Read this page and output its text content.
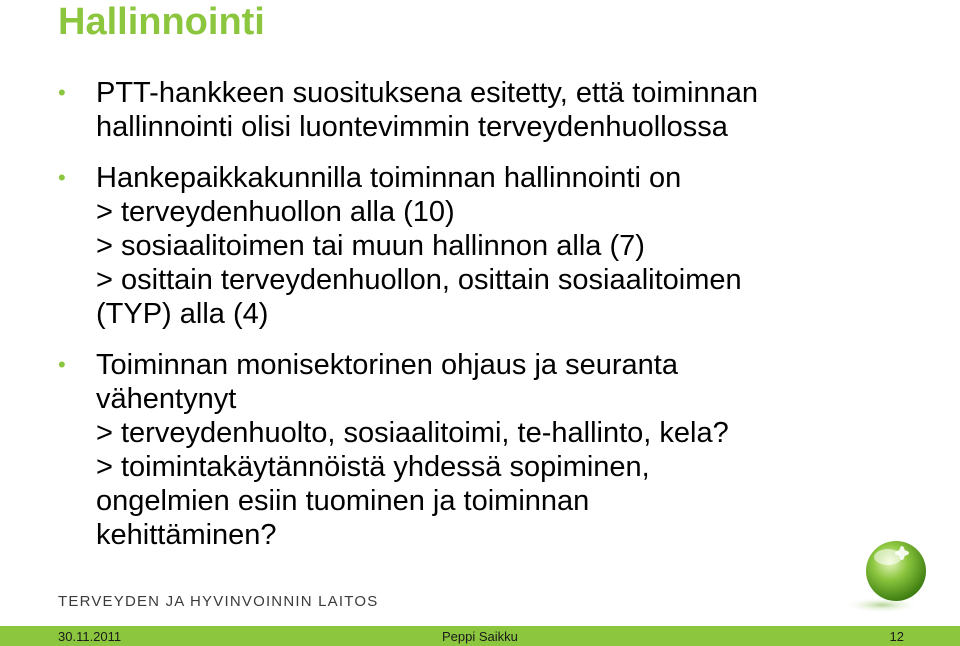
Hallinnointi
• PTT-hankkeen suosituksena esitetty, että toiminnan
hallinnointi olisi luontevimmin terveydenhuollossa
• Hankepaikkakunnilla toiminnan hallinnointi on
> terveydenhuollon alla (10)
> sosiaalitoimen tai muun hallinnon alla (7)
> osittain terveydenhuollon, osittain sosiaalitoimen
(TYP) alla (4)
• Toiminnan monisektorinen ohjaus ja seuranta
vähentynyt
> terveydenhuolto, sosiaalitoimi, te-hallinto, kela?
> toimintakäytännöistä yhdessä sopiminen,
ongelmien esiin tuominen ja toiminnan
kehittäminen?
TERVEYDEN JA HYVINVOINNIN LAITOS
30.11.2011	Peppi Saikku	12
